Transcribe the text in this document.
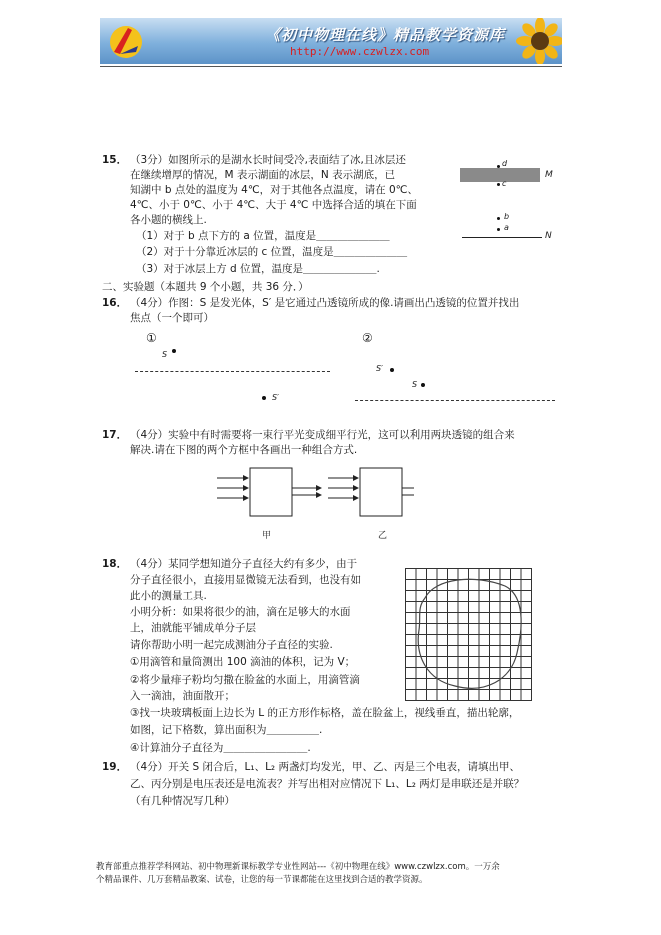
《初中物理在线》精品教学资源库
http://www.czwlzx.com
15． （3分）如图所示的是湖水长时间受冷,表面结了冰,且冰层还
在继续增厚的情况，M 表示湖面的冰层，N 表示湖底，已
知湖中 b 点处的温度为 4℃，对于其他各点温度，请在 0℃、
4℃、小于 0℃、小于 4℃、大于 4℃ 中选择合适的填在下面
各小题的横线上.
（1）对于 b 点下方的 a 位置，温度是＿＿＿＿＿＿＿
（2）对于十分靠近冰层的 c 位置，温度是＿＿＿＿＿＿＿
（3）对于冰层上方 d 位置，温度是＿＿＿＿＿＿＿.
d
c
M
b
a
N
二、实验题（本题共 9 个小题，共 36 分．）
16． （4分）作图：S 是发光体，S′ 是它通过凸透镜所成的像.请画出凸透镜的位置并找出
焦点（一个即可）
①
S
S′
②
S′
S
17． （4分）实验中有时需要将一束行平光变成细平行光，这可以利用两块透镜的组合来
解决.请在下图的两个方框中各画出一种组合方式.
甲	乙
18． （4分）某同学想知道分子直径大约有多少，由于
分子直径很小，直接用显微镜无法看到，也没有如
此小的测量工具.
小明分析：如果将很少的油，滴在足够大的水面
上，油就能平铺成单分子层
请你帮助小明一起完成测油分子直径的实验.
①用滴管和量筒测出 100 滴油的体积，记为 V；
②将少量痱子粉均匀撒在脸盆的水面上，用滴管滴
入一滴油，油面散开；
③找一块玻璃板面上边长为 L 的正方形作标格，盖在脸盆上，视线垂直，描出轮廓，
如图，记下格数，算出面积为＿＿＿＿＿.
④计算油分子直径为＿＿＿＿＿＿＿＿.
19． （4分）开关 S 闭合后，L₁、L₂ 两盏灯均发光，甲、乙、丙是三个电表，请填出甲、
乙、丙分别是电压表还是电流表？并写出相对应情况下 L₁、L₂ 两灯是串联还是并联？
（有几种情况写几种）
教育部重点推荐学科网站、初中物理新课标教学专业性网站---《初中物理在线》www.czwlzx.com。一万余
个精品课件、几万套精品教案、试卷，让您的每一节课都能在这里找到合适的教学资源。
